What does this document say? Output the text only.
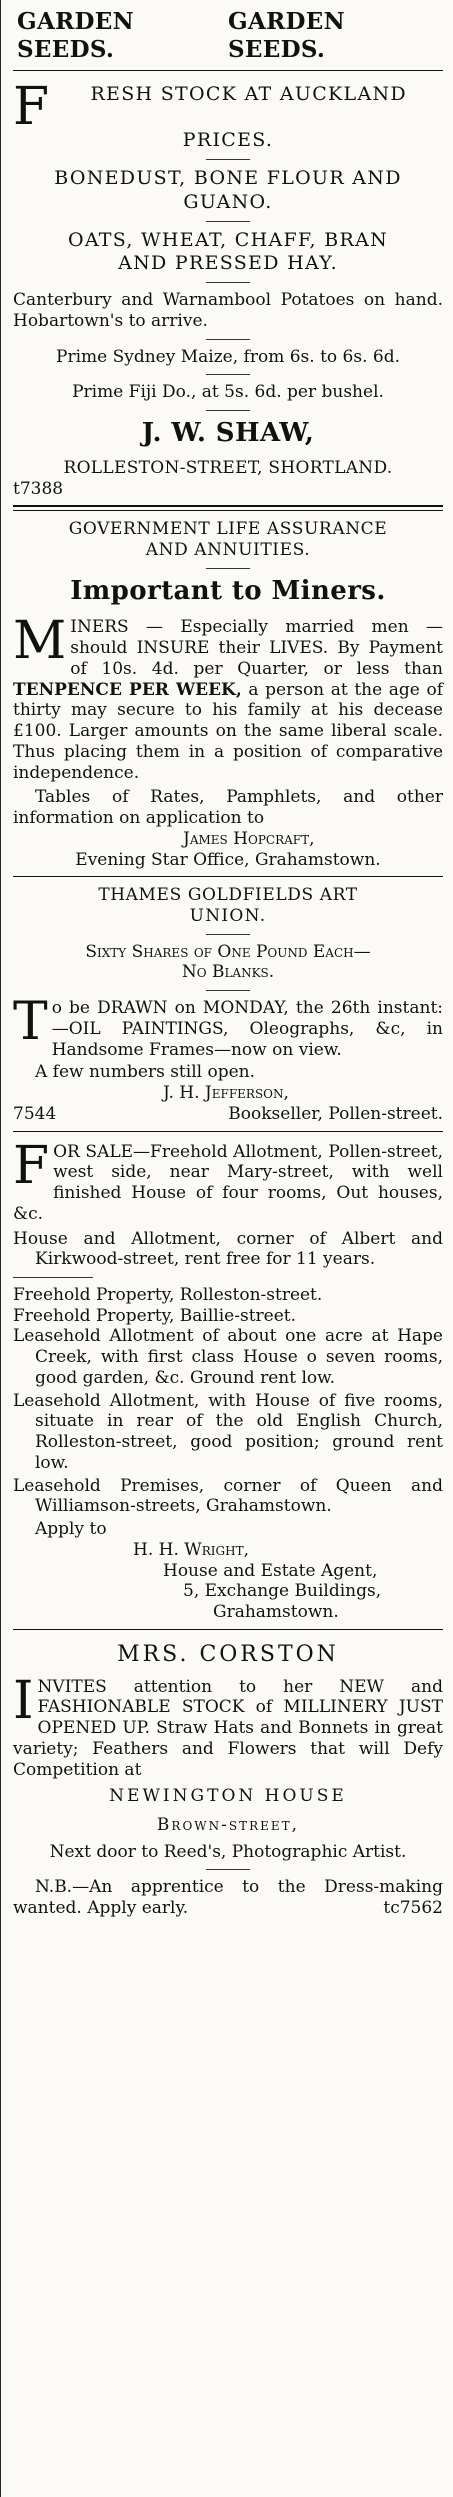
GARDEN SEEDS.
GARDEN SEEDS.

F RESH STOCK AT AUCKLAND

PRICES.

BONEDUST, BONE FLOUR AND

GUANO.

OATS, WHEAT, CHAFF, BRAN

AND PRESSED HAY.

Canterbury and Warnambool Potatoes on hand. Hobartown's to arrive.

Prime Sydney Maize, from 6s. to 6s. 6d.

Prime Fiji Do., at 5s. 6d. per bushel.

J. W. SHAW,

ROLLESTON-STREET, SHORTLAND.

t7388

GOVERNMENT LIFE ASSURANCE

AND ANNUITIES.

Important to Miners.

MINERS — Especially married men — should INSURE their LIVES. By Payment of 10s. 4d. per Quarter, or less than TENPENCE PER WEEK, a person at the age of thirty may secure to his family at his decease £100. Larger amounts on the same liberal scale. Thus placing them in a position of comparative independence.

Tables of Rates, Pamphlets, and other information on application to

James Hopcraft,

Evening Star Office, Grahamstown.

THAMES GOLDFIELDS ART

UNION.

Sixty Shares of One Pound Each—

No Blanks.

To be DRAWN on MONDAY, the 26th instant:—OIL PAINTINGS, Oleographs, &c, in Handsome Frames—now on view.

A few numbers still open.

J. H. Jefferson,

7544	Bookseller, Pollen-street.

FOR SALE—Freehold Allotment, Pollen-street, west side, near Mary-street, with well finished House of four rooms, Out houses, &c.

House and Allotment, corner of Albert and Kirkwood-street, rent free for 11 years.

Freehold Property, Rolleston-street.

Freehold Property, Baillie-street.

Leasehold Allotment of about one acre at Hape Creek, with first class House o seven rooms, good garden, &c. Ground rent low.

Leasehold Allotment, with House of five rooms, situate in rear of the old English Church, Rolleston-street, good position; ground rent low.

Leasehold Premises, corner of Queen and Williamson-streets, Grahamstown.

Apply to

H. H. Wright,

House and Estate Agent,

5, Exchange Buildings,

Grahamstown.

MRS. CORSTON

INVITES attention to her NEW and FASHIONABLE STOCK of MILLINERY JUST OPENED UP. Straw Hats and Bonnets in great variety; Feathers and Flowers that will Defy Competition at

NEWINGTON HOUSE

Brown-street,

Next door to Reed's, Photographic Artist.

N.B.—An apprentice to the Dress-making wanted. Apply early.	tc7562
